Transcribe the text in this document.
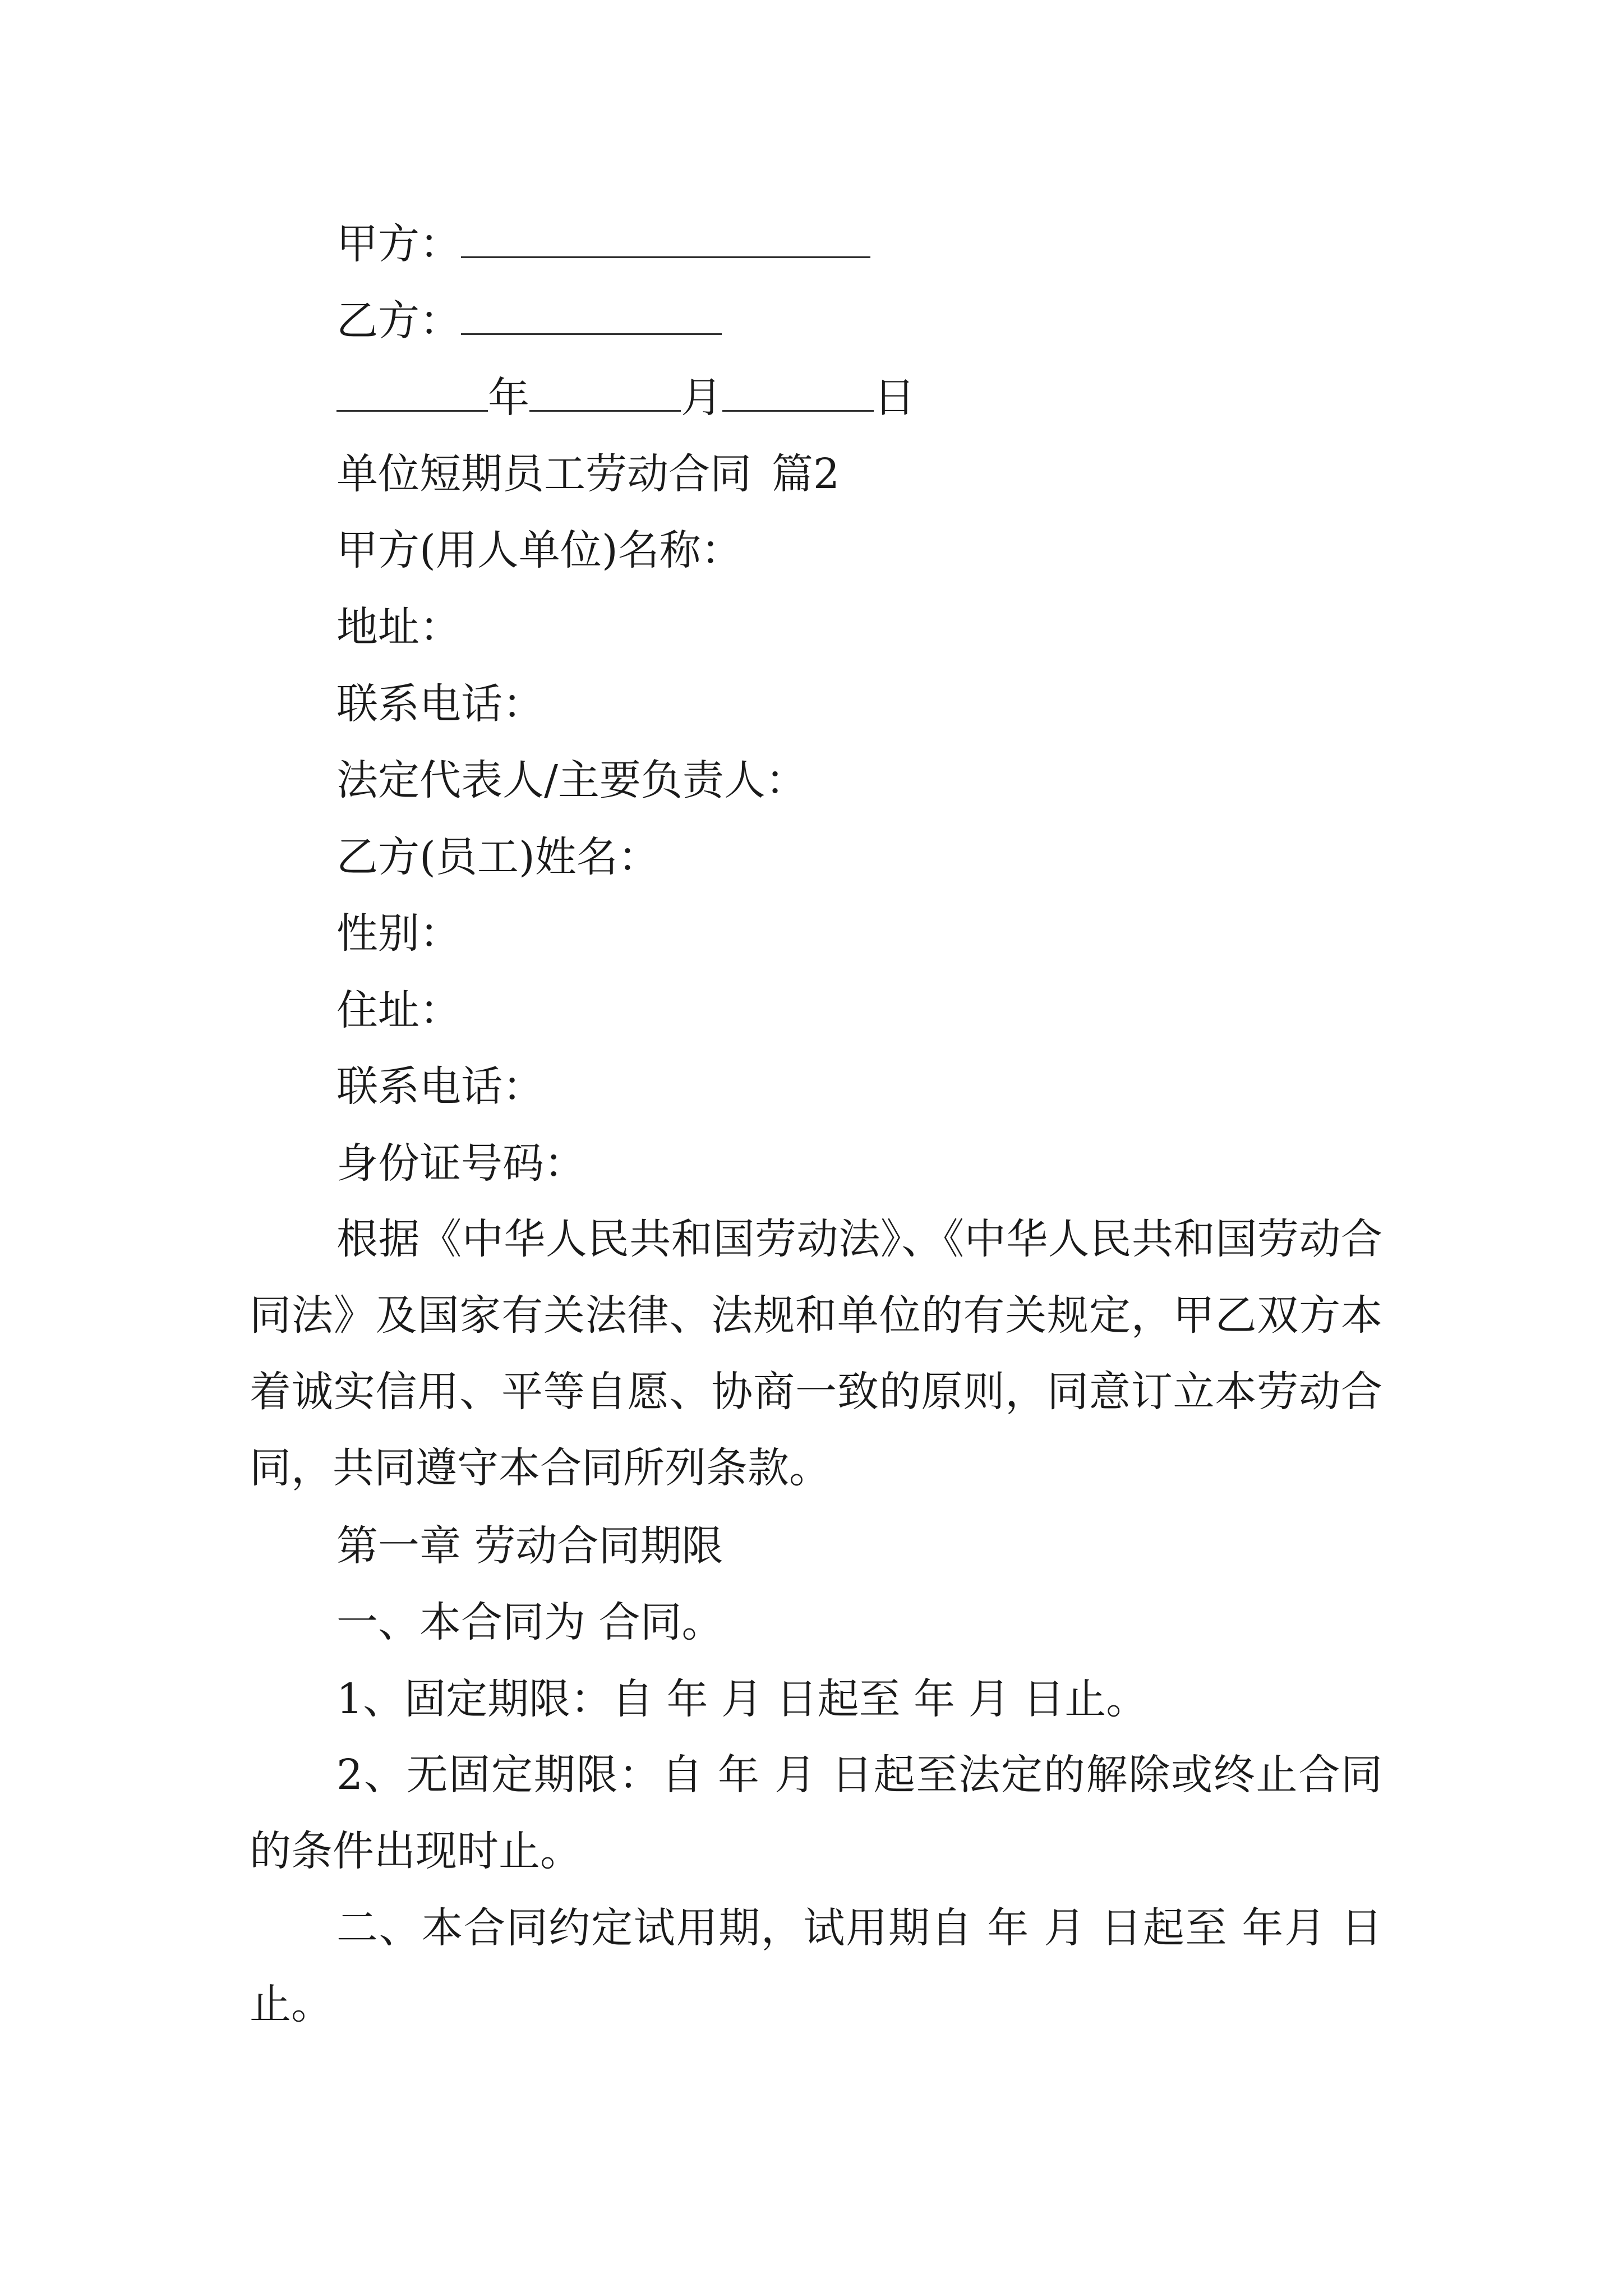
甲方：
乙方：
年	月	日
单位短期员工劳动合同 篇2
甲方(用人单位)名称：
地址：
联系电话：
法定代表人/主要负责人：
乙方(员工)姓名：
性别：
住址：
联系电话：
身份证号码：
根据《中华人民共和国劳动法》、《中华人民共和国劳动合同法》及国家有关法律、法规和单位的有关规定，甲乙双方本着诚实信用、平等自愿、协商一致的原则，同意订立本劳动合同，共同遵守本合同所列条款。
第一章 劳动合同期限
一、本合同为 合同。
1、固定期限：自 年 月 日起至 年 月 日止。
2、无固定期限：自 年 月 日起至法定的解除或终止合同的条件出现时止。
二、本合同约定试用期，试用期自 年 月 日起至 年月 日止。
